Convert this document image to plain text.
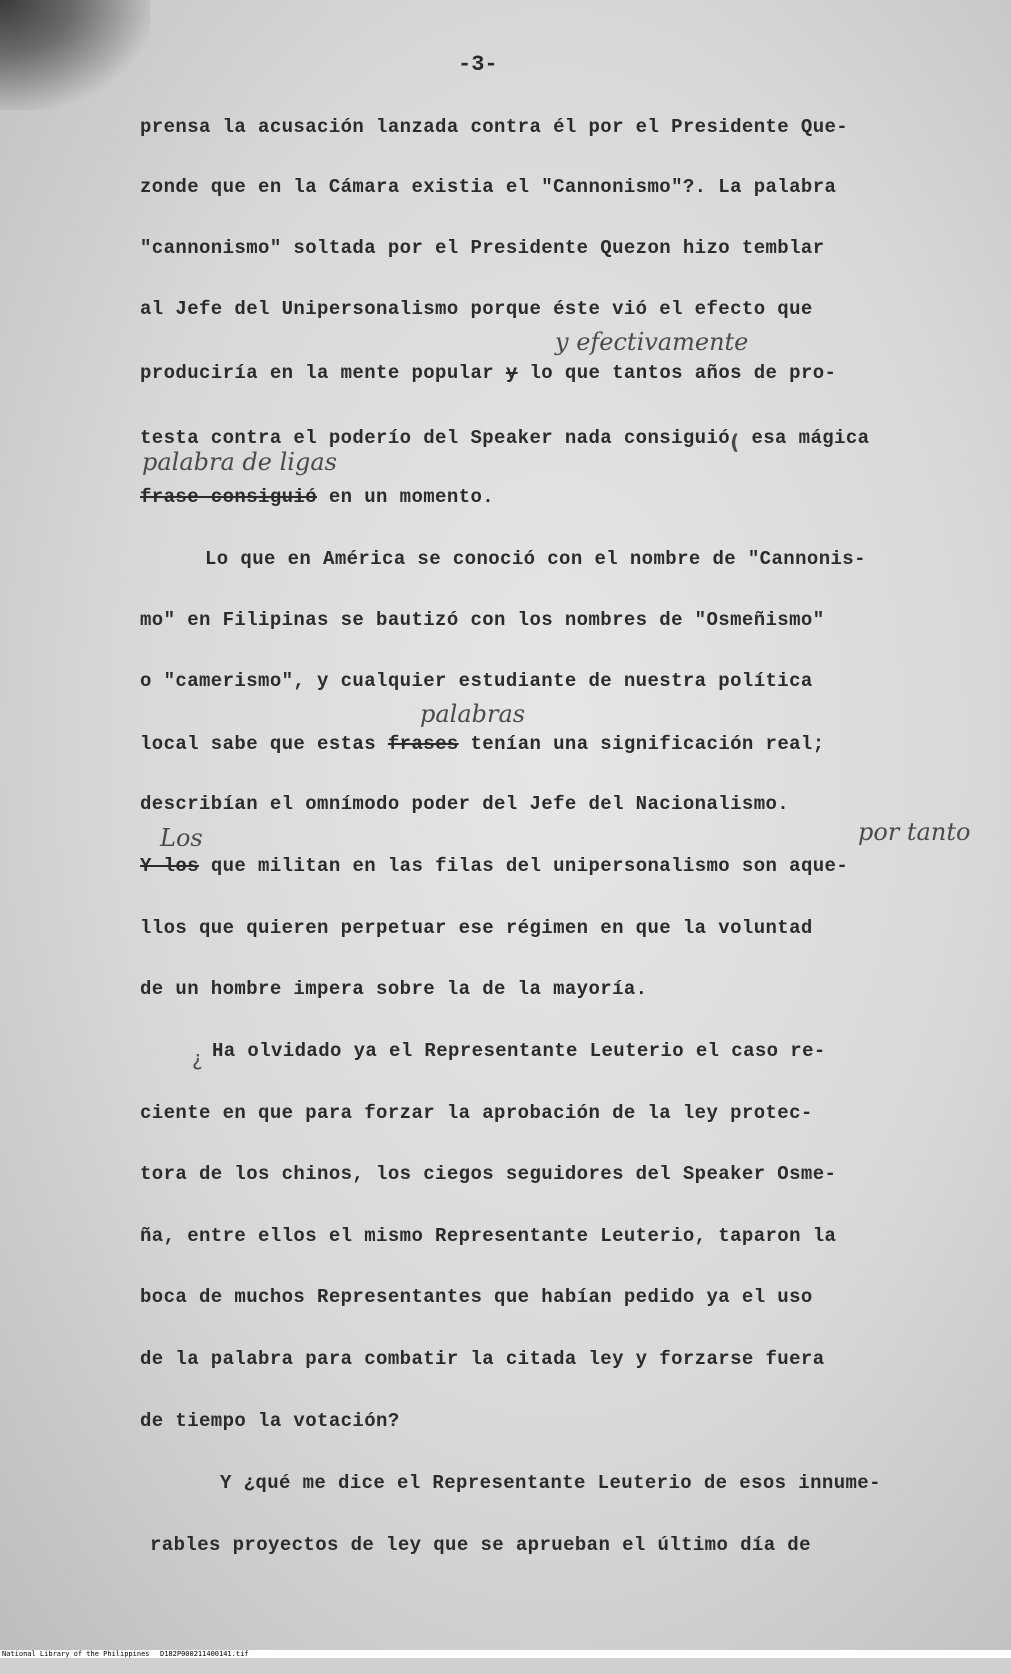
-3-
prensa la acusación lanzada contra él por el Presidente Que-
zonde que en la Cámara existia el "Cannonismo"?. La palabra
"cannonismo" soltada por el Presidente Quezon hizo temblar
al Jefe del Unipersonalismo porque éste vió el efecto que
y efectivamente
produciría en la mente popular y lo que tantos años de pro-
testa contra el poderío del Speaker nada consiguió( esa mágica
palabra de ligas
frase consiguió en un momento.
Lo que en América se conoció con el nombre de "Cannonis-
mo" en Filipinas se bautizó con los nombres de "Osmeñismo"
o "camerismo", y cualquier estudiante de nuestra política
palabras
local sabe que estas frases tenían una significación real;
describían el omnímodo poder del Jefe del Nacionalismo.
Los	por tanto
Y los que militan en las filas del unipersonalismo son aque-
llos que quieren perpetuar ese régimen en que la voluntad
de un hombre impera sobre la de la mayoría.
¿ Ha olvidado ya el Representante Leuterio el caso re-
ciente en que para forzar la aprobación de la ley protec-
tora de los chinos, los ciegos seguidores del Speaker Osme-
ña, entre ellos el mismo Representante Leuterio, taparon la
boca de muchos Representantes que habían pedido ya el uso
de la palabra para combatir la citada ley y forzarse fuera
de tiempo la votación?
Y ¿qué me dice el Representante Leuterio de esos innume-
rables proyectos de ley que se aprueban el último día de

National Library of the Philippines

D182P000211400141.tif
